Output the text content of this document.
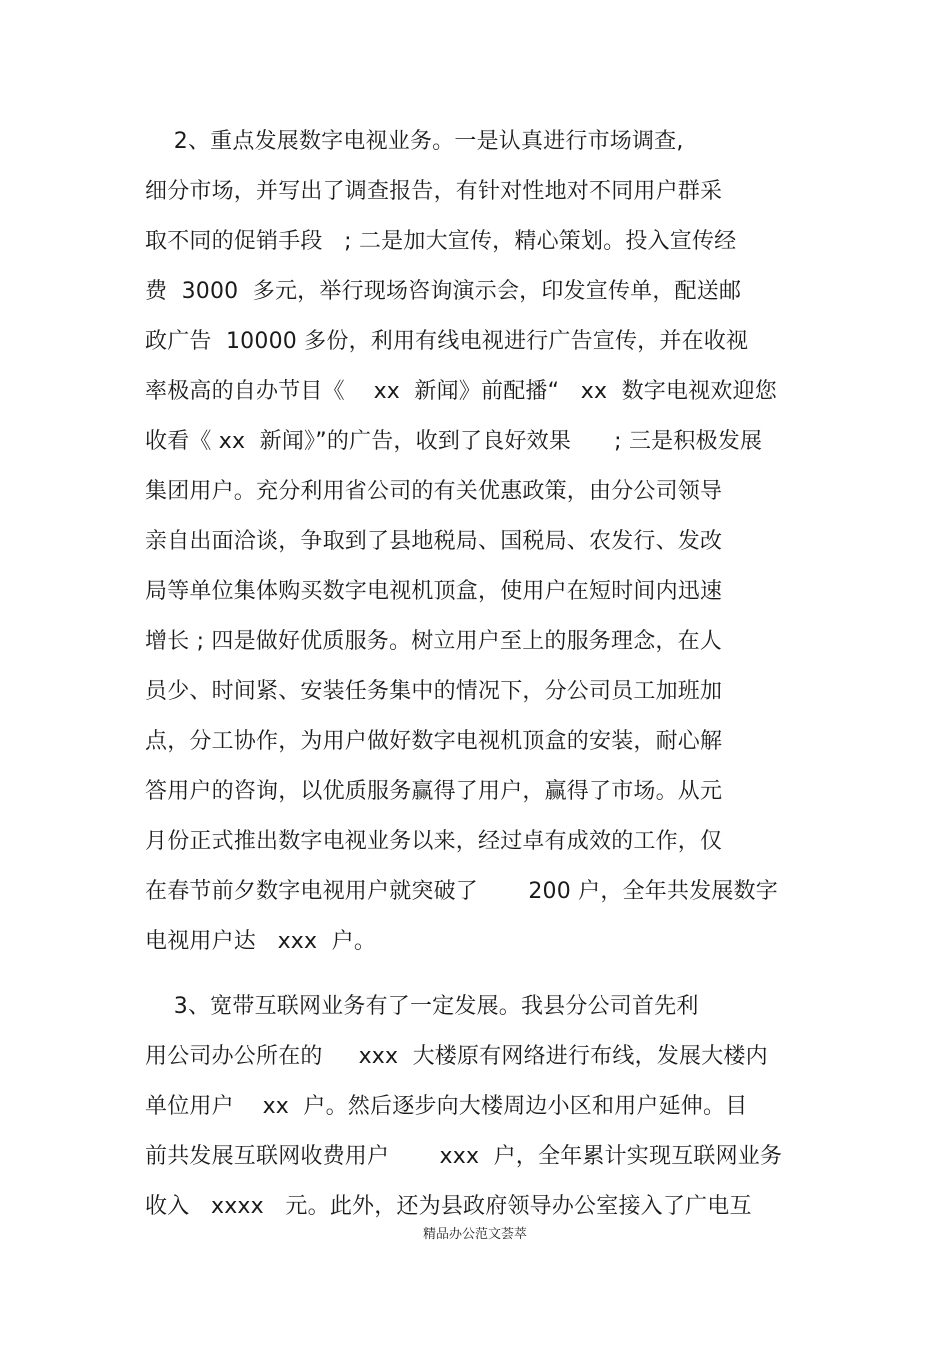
2、重点发展数字电视业务。一是认真进行市场调查,
细分市场，并写出了调查报告，有针对性地对不同用户群采
取不同的促销手段   ; 二是加大宣传，精心策划。投入宣传经
费  3000  多元，举行现场咨询演示会，印发宣传单，配送邮
政广告  10000 多份，利用有线电视进行广告宣传，并在收视
率极高的自办节目《    xx  新闻》前配播“   xx  数字电视欢迎您
收看《 xx  新闻》”的广告，收到了良好效果      ; 三是积极发展
集团用户。充分利用省公司的有关优惠政策，由分公司领导
亲自出面洽谈，争取到了县地税局、国税局、农发行、发改
局等单位集体购买数字电视机顶盒，使用户在短时间内迅速
增长 ; 四是做好优质服务。树立用户至上的服务理念，在人
员少、时间紧、安装任务集中的情况下，分公司员工加班加
点，分工协作，为用户做好数字电视机顶盒的安装，耐心解
答用户的咨询，以优质服务赢得了用户，赢得了市场。从元
月份正式推出数字电视业务以来，经过卓有成效的工作，仅
在春节前夕数字电视用户就突破了       200 户，全年共发展数字
电视用户达   xxx  户。
3、宽带互联网业务有了一定发展。我县分公司首先利
用公司办公所在的     xxx  大楼原有网络进行布线，发展大楼内
单位用户    xx  户。然后逐步向大楼周边小区和用户延伸。目
前共发展互联网收费用户       xxx  户，全年累计实现互联网业务
收入   xxxx   元。此外，还为县政府领导办公室接入了广电互
精品办公范文荟萃
